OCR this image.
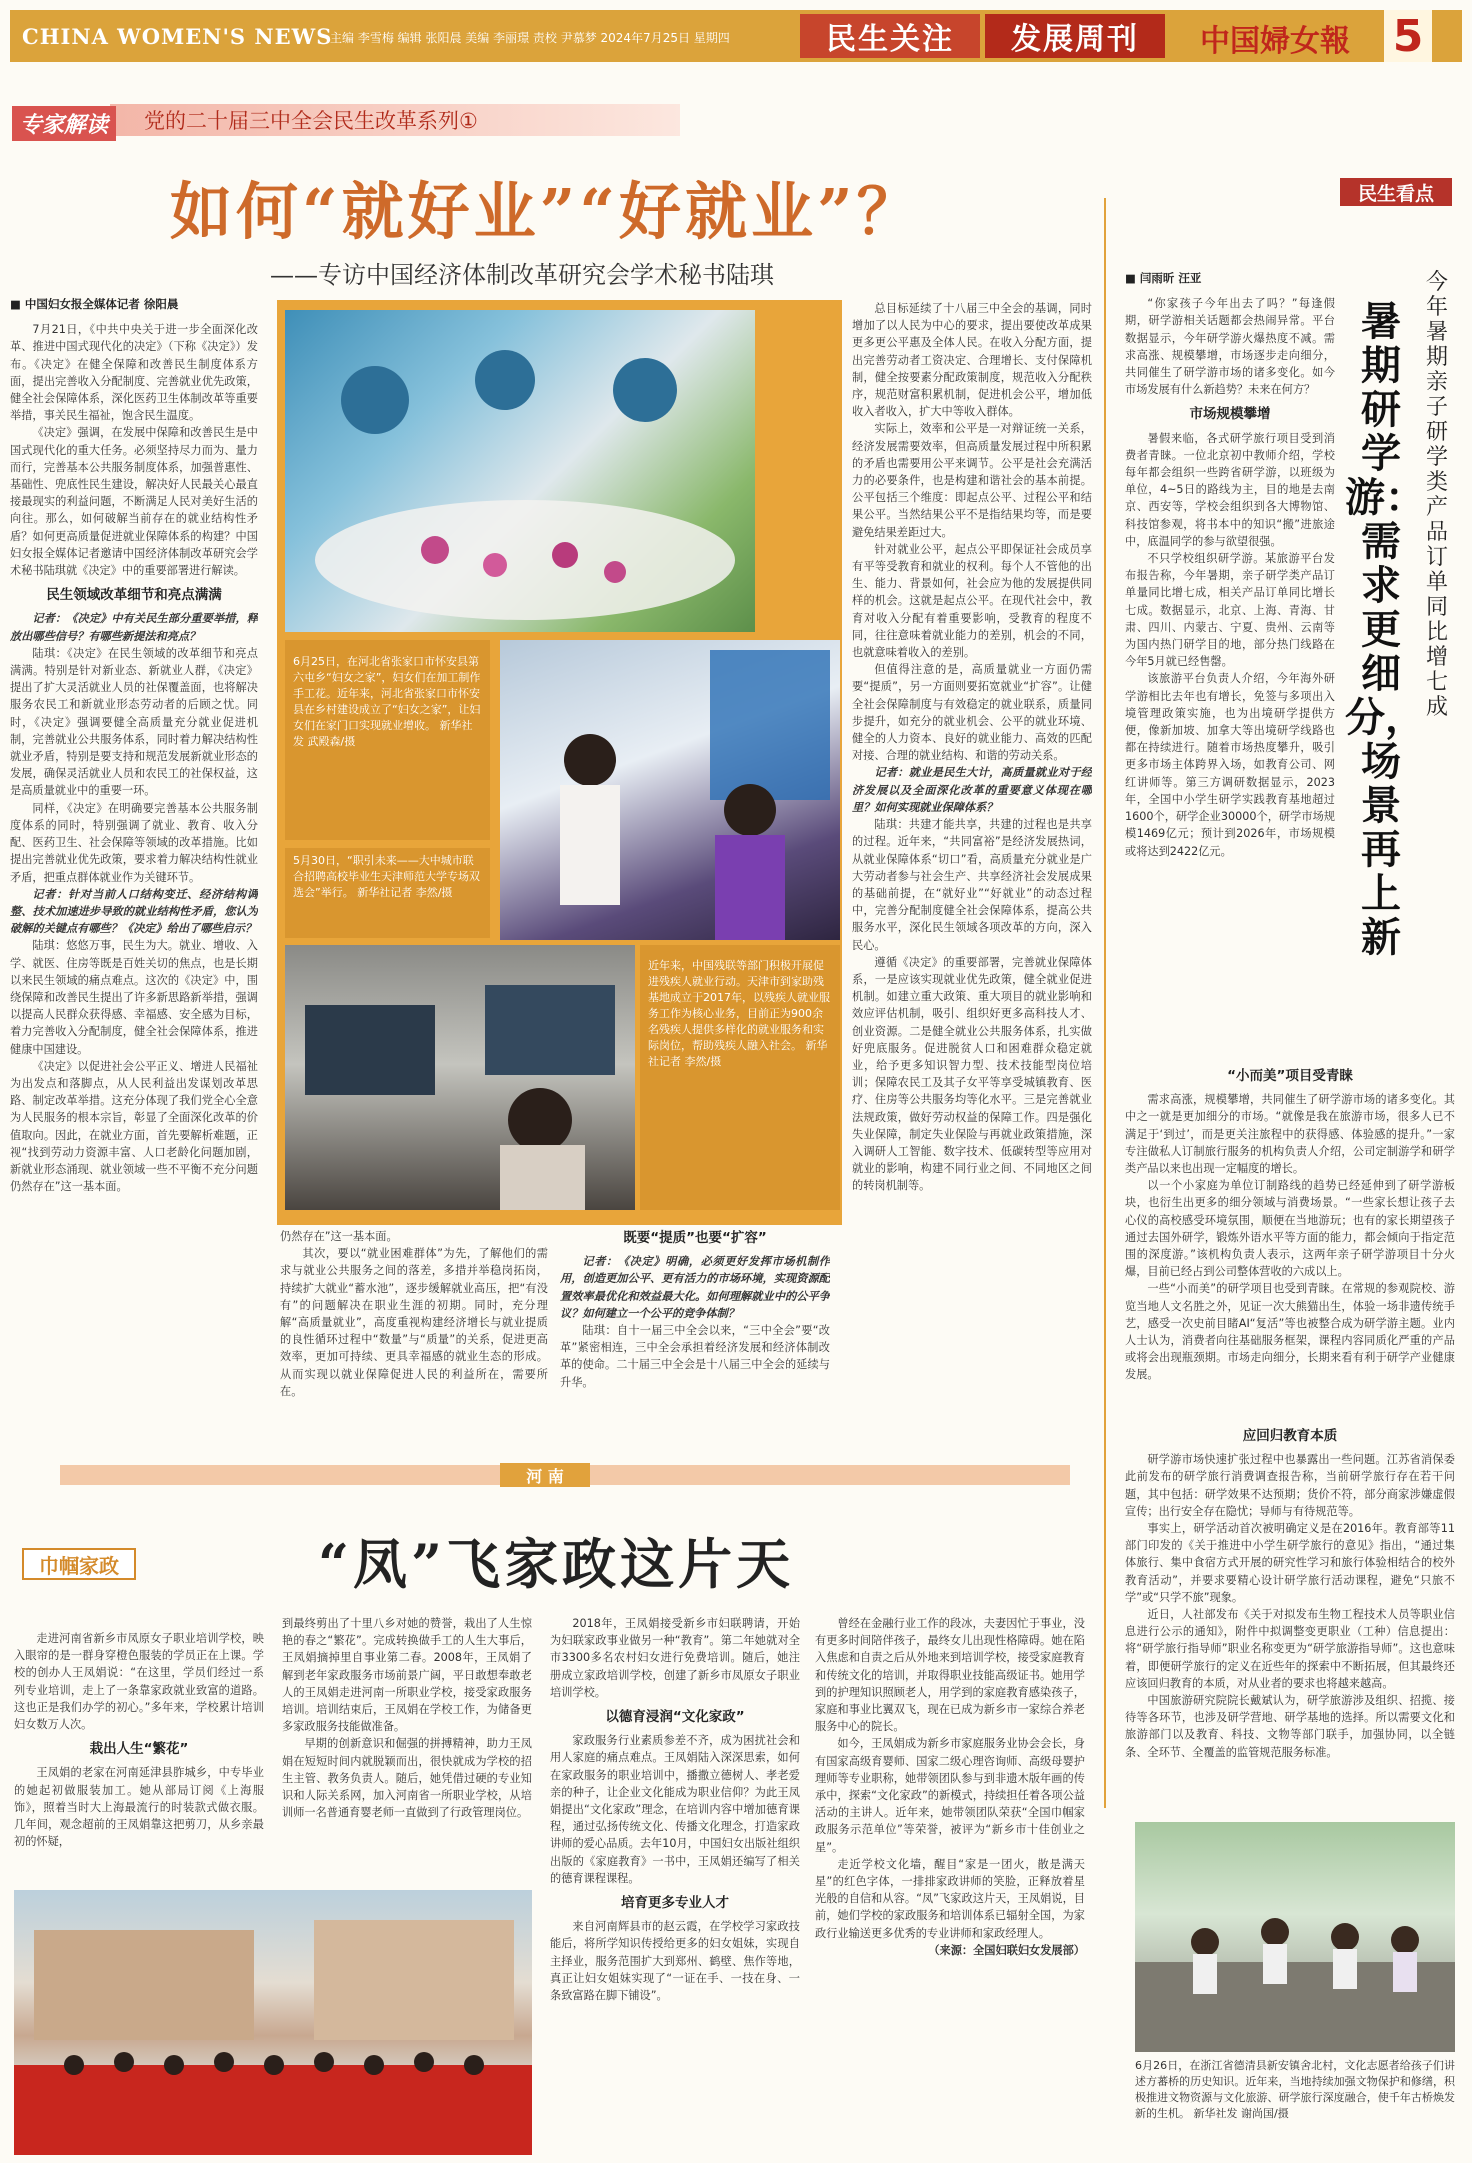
CHINA WOMEN'S NEWS
主编 李雪梅 编辑 张阳晨 美编 李丽璟 责校 尹慕梦 2024年7月25日 星期四	民生关注	发展周刊	中国婦女報 5
党的二十届三中全会民生改革系列①
专家解读
如何“就好业”“好就业”？
——专访中国经济体制改革研究会学术秘书陆琪
■ 中国妇女报全媒体记者 徐阳晨

7月21日，《中共中央关于进一步全面深化改革、推进中国式现代化的决定》（下称《决定》）发布。《决定》在健全保障和改善民生制度体系方面，提出完善收入分配制度、完善就业优先政策，健全社会保障体系，深化医药卫生体制改革等重要举措，事关民生福祉，饱含民生温度。

《决定》强调，在发展中保障和改善民生是中国式现代化的重大任务。必须坚持尽力而为、量力而行，完善基本公共服务制度体系，加强普惠性、基础性、兜底性民生建设，解决好人民最关心最直接最现实的利益问题，不断满足人民对美好生活的向往。那么，如何破解当前存在的就业结构性矛盾？如何更高质量促进就业保障体系的构建？中国妇女报全媒体记者邀请中国经济体制改革研究会学术秘书陆琪就《决定》中的重要部署进行解读。

民生领域改革细节和亮点满满

记者：《决定》中有关民生部分重要举措，释放出哪些信号？有哪些新提法和亮点？

陆琪：《决定》在民生领域的改革细节和亮点满满。特别是针对新业态、新就业人群，《决定》提出了扩大灵活就业人员的社保覆盖面，也将解决服务农民工和新就业形态劳动者的后顾之忧。同时，《决定》强调要健全高质量充分就业促进机制，完善就业公共服务体系，同时着力解决结构性就业矛盾，特别是要支持和规范发展新就业形态的发展，确保灵活就业人员和农民工的社保权益，这是高质量就业中的重要一环。

同样，《决定》在明确要完善基本公共服务制度体系的同时，特别强调了就业、教育、收入分配、医药卫生、社会保障等领域的改革措施。比如提出完善就业优先政策，要求着力解决结构性就业矛盾，把重点群体就业作为关键环节。

记者：针对当前人口结构变迁、经济结构调整、技术加速进步导致的就业结构性矛盾，您认为破解的关键点有哪些？《决定》给出了哪些启示？

陆琪：悠悠万事，民生为大。就业、增收、入学、就医、住房等既是百姓关切的焦点，也是长期以来民生领域的痛点难点。这次的《决定》中，围绕保障和改善民生提出了许多新思路新举措，强调以提高人民群众获得感、幸福感、安全感为目标，着力完善收入分配制度，健全社会保障体系，推进健康中国建设。

《决定》以促进社会公平正义、增进人民福祉为出发点和落脚点，从人民利益出发谋划改革思路、制定改革举措。这充分体现了我们党全心全意为人民服务的根本宗旨，彰显了全面深化改革的价值取向。因此，在就业方面，首先要解析难题，正视“找到劳动力资源丰富、人口老龄化问题加剧，新就业形态涌现、就业领域一些不平衡不充分问题仍然存在”这一基本面。

6月25日，在河北省张家口市怀安县第六屯乡“妇女之家”，妇女们在加工制作手工花。近年来，河北省张家口市怀安县在乡村建设成立了“妇女之家”，让妇女们在家门口实现就业增收。 新华社发 武殿森/摄
5月30日，“职引未来——大中城市联合招聘高校毕业生天津师范大学专场双选会”举行。 新华社记者 李然/摄
近年来，中国残联等部门积极开展促进残疾人就业行动。天津市到家助残基地成立于2017年，以残疾人就业服务工作为核心业务，目前正为900余名残疾人提供多样化的就业服务和实际岗位，帮助残疾人融入社会。 新华社记者 李然/摄
仍然存在”这一基本面。

其次，要以“就业困难群体”为先，了解他们的需求与就业公共服务之间的落差，多措并举稳岗拓岗，持续扩大就业“蓄水池”，逐步缓解就业高压，把“有没有”的问题解决在职业生涯的初期。同时，充分理解“高质量就业”，高度重视构建经济增长与就业提质的良性循环过程中“数量”与“质量”的关系，促进更高效率，更加可持续、更具幸福感的就业生态的形成。从而实现以就业保障促进人民的利益所在，需要所在。

既要“提质”也要“扩容”

记者：《决定》明确，必须更好发挥市场机制作用，创造更加公平、更有活力的市场环境，实现资源配置效率最优化和效益最大化。如何理解就业中的公平争议？如何建立一个公平的竞争体制？

陆琪：自十一届三中全会以来，“三中全会”要“改革”紧密相连，三中全会承担着经济发展和经济体制改革的使命。二十届三中全会是十八届三中全会的延续与升华。

总目标延续了十八届三中全会的基调，同时增加了以人民为中心的要求，提出要使改革成果更多更公平惠及全体人民。在收入分配方面，提出完善劳动者工资决定、合理增长、支付保障机制，健全按要素分配政策制度，规范收入分配秩序，规范财富积累机制，促进机会公平，增加低收入者收入，扩大中等收入群体。

实际上，效率和公平是一对辩证统一关系，经济发展需要效率，但高质量发展过程中所积累的矛盾也需要用公平来调节。公平是社会充满活力的必要条件，也是构建和谐社会的基本前提。公平包括三个维度：即起点公平、过程公平和结果公平。当然结果公平不是指结果均等，而是要避免结果差距过大。

针对就业公平，起点公平即保证社会成员享有平等受教育和就业的权利。每个人不管他的出生、能力、背景如何，社会应为他的发展提供同样的机会。这就是起点公平。在现代社会中，教育对收入分配有着重要影响，受教育的程度不同，往往意味着就业能力的差别，机会的不同，也就意味着收入的差别。

但值得注意的是，高质量就业一方面仍需要“提质”，另一方面则要拓宽就业“扩容”。让健全社会保障制度与有效稳定的就业联系，质量同步提升，如充分的就业机会、公平的就业环境、健全的人力资本、良好的就业能力、高效的匹配对接、合理的就业结构、和谐的劳动关系。

记者：就业是民生大计，高质量就业对于经济发展以及全面深化改革的重要意义体现在哪里？如何实现就业保障体系？

陆琪：共建才能共享，共建的过程也是共享的过程。近年来，“共同富裕”是经济发展热词，从就业保障体系“切口”看，高质量充分就业是广大劳动者参与社会生产、共享经济社会发展成果的基础前提，在“就好业”“好就业”的动态过程中，完善分配制度健全社会保障体系，提高公共服务水平，深化民生领域各项改革的方向，深入民心。

遵循《决定》的重要部署，完善就业保障体系，一是应该实现就业优先政策，健全就业促进机制。如建立重大政策、重大项目的就业影响和效应评估机制，吸引、组织好更多高科技人才、创业资源。二是健全就业公共服务体系，扎实做好兜底服务。促进脱贫人口和困难群众稳定就业，给予更多知识智力型、技术技能型岗位培训；保障农民工及其子女平等享受城镇教育、医疗、住房等公共服务均等化水平。三是完善就业法规政策，做好劳动权益的保障工作。四是强化失业保障，制定失业保险与再就业政策措施，深入调研人工智能、数字技术、低碳转型等应用对就业的影响，构建不同行业之间、不同地区之间的转岗机制等。

民生看点
今年暑期亲子研学类产品订单同比增七成
暑期研学游：需求更细分，场景再上新
■ 闫雨昕 汪亚

“你家孩子今年出去了吗？”每逢假期，研学游相关话题都会热闹异常。平台数据显示，今年研学游火爆热度不减。需求高涨、规模攀增，市场逐步走向细分，共同催生了研学游市场的诸多变化。如今市场发展有什么新趋势？未来在何方？

市场规模攀增

暑假来临，各式研学旅行项目受到消费者青睐。一位北京初中教师介绍，学校每年都会组织一些跨省研学游，以班级为单位，4~5日的路线为主，目的地是去南京、西安等，学校会组织到各大博物馆、科技馆参观，将书本中的知识“搬”进旅途中，底温同学的参与欲望很强。

不只学校组织研学游。某旅游平台发布报告称，今年暑期，亲子研学类产品订单量同比增七成，相关产品订单同比增长七成。数据显示，北京、上海、青海、甘肃、四川、内蒙古、宁夏、贵州、云南等为国内热门研学目的地，部分热门线路在今年5月就已经售罄。

该旅游平台负责人介绍，今年海外研学游相比去年也有增长，免签与多项出入境管理政策实施，也为出境研学提供方便，像新加坡、加拿大等出境研学线路也都在持续进行。随着市场热度攀升，吸引更多市场主体跨界入场，如教育公司、网红讲师等。第三方调研数据显示，2023年，全国中小学生研学实践教育基地超过1600个，研学企业30000个，研学市场规模1469亿元；预计到2026年，市场规模或将达到2422亿元。

“小而美”项目受青睐

需求高涨，规模攀增，共同催生了研学游市场的诸多变化。其中之一就是更加细分的市场。“就像是我在旅游市场，很多人已不满足于‘到过’，而是更关注旅程中的获得感、体验感的提升。”一家专注做私人订制旅行服务的机构负责人介绍，公司定制游学和研学类产品以来也出现一定幅度的增长。

以一个小家庭为单位订制路线的趋势已经延伸到了研学游板块，也衍生出更多的细分领域与消费场景。“一些家长想让孩子去心仪的高校感受环境氛围，顺便在当地游玩；也有的家长期望孩子通过去国外研学，锻炼外语水平等方面的能力，都会倾向于指定范围的深度游。”该机构负责人表示，这两年亲子研学游项目十分火爆，目前已经占到公司整体营收的六成以上。

一些“小而美”的研学项目也受到青睐。在常规的参观院校、游览当地人文名胜之外，见证一次大熊猫出生，体验一场非遗传统手艺，感受一次史前目睹AI“复活”等也被整合成为研学游主题。业内人士认为，消费者向往基础服务框架，课程内容同质化严重的产品或将会出现瓶颈期。市场走向细分，长期来看有利于研学产业健康发展。

应回归教育本质

研学游市场快速扩张过程中也暴露出一些问题。江苏省消保委此前发布的研学旅行消费调查报告称，当前研学旅行存在若干问题，其中包括：研学效果不达预期；货价不符，部分商家涉嫌虚假宣传；出行安全存在隐忧；导师与有待规范等。

事实上，研学活动首次被明确定义是在2016年。教育部等11部门印发的《关于推进中小学生研学旅行的意见》指出，“通过集体旅行、集中食宿方式开展的研究性学习和旅行体验相结合的校外教育活动”，并要求要精心设计研学旅行活动课程，避免“只旅不学”或“只学不旅”现象。

近日，人社部发布《关于对拟发布生物工程技术人员等职业信息进行公示的通知》，附件中拟调整变更职业（工种）信息提出：将“研学旅行指导师”职业名称变更为“研学旅游指导师”。这也意味着，即便研学旅行的定义在近些年的探索中不断拓展，但其最终还应该回归教育的本质，对从业者的要求也将越来越高。

中国旅游研究院院长戴斌认为，研学旅游涉及组织、招揽、接待等各环节，也涉及研学营地、研学基地的选择。所以需要文化和旅游部门以及教育、科技、文物等部门联手，加强协同，以全链条、全环节、全覆盖的监管规范服务标准。

6月26日，在浙江省德清县新安镇舍北村，文化志愿者给孩子们讲述方蕃桥的历史知识。近年来，当地持续加强文物保护和修缮，积极推进文物资源与文化旅游、研学旅行深度融合，使千年古桥焕发新的生机。 新华社发 谢尚国/摄
河 南
巾帼家政	“凤”飞家政这片天

走进河南省新乡市凤原女子职业培训学校，映入眼帘的是一群身穿橙色服装的学员正在上课。学校的创办人王凤娟说：“在这里，学员们经过一系列专业培训，走上了一条靠家政就业致富的道路。这也正是我们办学的初心。”多年来，学校累计培训妇女数万人次。

栽出人生“繁花”

王凤娟的老家在河南延津县胙城乡，中专毕业的她起初做服装加工。她从部局订阅《上海服饰》，照着当时大上海最流行的时装款式做衣服。几年间，观念超前的王凤娟靠这把剪刀，从乡亲最初的怀疑，

到最终剪出了十里八乡对她的赞誉，栽出了人生惊艳的春之“繁花”。完成转换做手工的人生大事后，王凤娟摘掉里自事业第二春。2008年，王凤娟了解到老年家政服务市场前景广阔，平日敢想奉敢老人的王凤娟走进河南一所职业学校，接受家政服务培训。培训结束后，王凤娟在学校工作，为储备更多家政服务技能做准备。

早期的创新意识和倔强的拼搏精神，助力王凤娟在短短时间内就脱颖而出，很快就成为学校的招生主管、教务负责人。随后，她凭借过硬的专业知识和人际关系网，加入河南省一所职业学校，从培训师一名普通育婴老师一直做到了行政管理岗位。

2018年，王凤娟接受新乡市妇联聘请，开始为妇联家政事业做另一种“教育”。第二年她就对全市3300多名农村妇女进行免费培训。随后，她注册成立家政培训学校，创建了新乡市凤原女子职业培训学校。

以德育浸润“文化家政”

家政服务行业素质参差不齐，成为困扰社会和用人家庭的痛点难点。王凤娟陆入深深思索，如何在家政服务的职业培训中，播撒立德树人、孝老爱亲的种子，让企业文化能成为职业信仰？为此王凤娟提出“文化家政”理念，在培训内容中增加德育课程，通过弘扬传统文化、传播文化理念，打造家政讲师的爱心品质。去年10月，中国妇女出版社组织出版的《家庭教育》一书中，王凤娟还编写了相关的德育课程课程。

培育更多专业人才

来自河南辉县市的赵云霞，在学校学习家政技能后，将所学知识传授给更多的妇女姐妹，实现自主择业，服务范围扩大到郑州、鹤壁、焦作等地，真正让妇女姐妹实现了“一证在手、一技在身、一条致富路在脚下铺设”。

曾经在金融行业工作的段冰，夫妻因忙于事业，没有更多时间陪伴孩子，最终女儿出现性格障碍。她在陷入焦虑和自责之后从外地来到培训学校，接受家庭教育和传统文化的培训，并取得职业技能高级证书。她用学到的护理知识照顾老人，用学到的家庭教育感染孩子，家庭和事业比翼双飞，现在已成为新乡市一家综合养老服务中心的院长。

如今，王凤娟成为新乡市家庭服务业协会会长，身有国家高级育婴师、国家二级心理咨询师、高级母婴护理师等专业职称，她带领团队参与到非遗木版年画的传承中，探索“文化家政”的新模式，持续担任着各项公益活动的主讲人。近年来，她带领团队荣获“全国巾帼家政服务示范单位”等荣誉，被评为“新乡市十佳创业之星”。

走近学校文化墙，醒目“家是一团火，散是满天星”的红色字体，一排排家政讲师的笑脸，正释放着星光般的自信和从容。“凤”飞家政这片天，王凤娟说，目前，她们学校的家政服务和培训体系已辐射全国，为家政行业输送更多优秀的专业讲师和家政经理人。

（来源：全国妇联妇女发展部）
